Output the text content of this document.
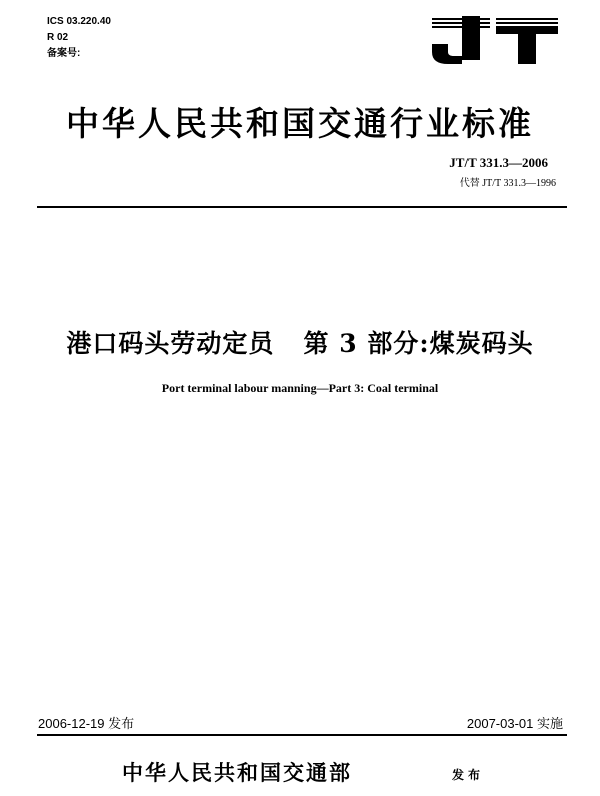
ICS 03.220.40
R 02
备案号:
JT
中华人民共和国交通行业标准
JT/T 331.3—2006
代替 JT/T 331.3—1996
港口码头劳动定员   第 3 部分:煤炭码头
Port terminal labour manning—Part 3: Coal terminal
2006-12-19 发布	2007-03-01 实施
中华人民共和国交通部	发布
